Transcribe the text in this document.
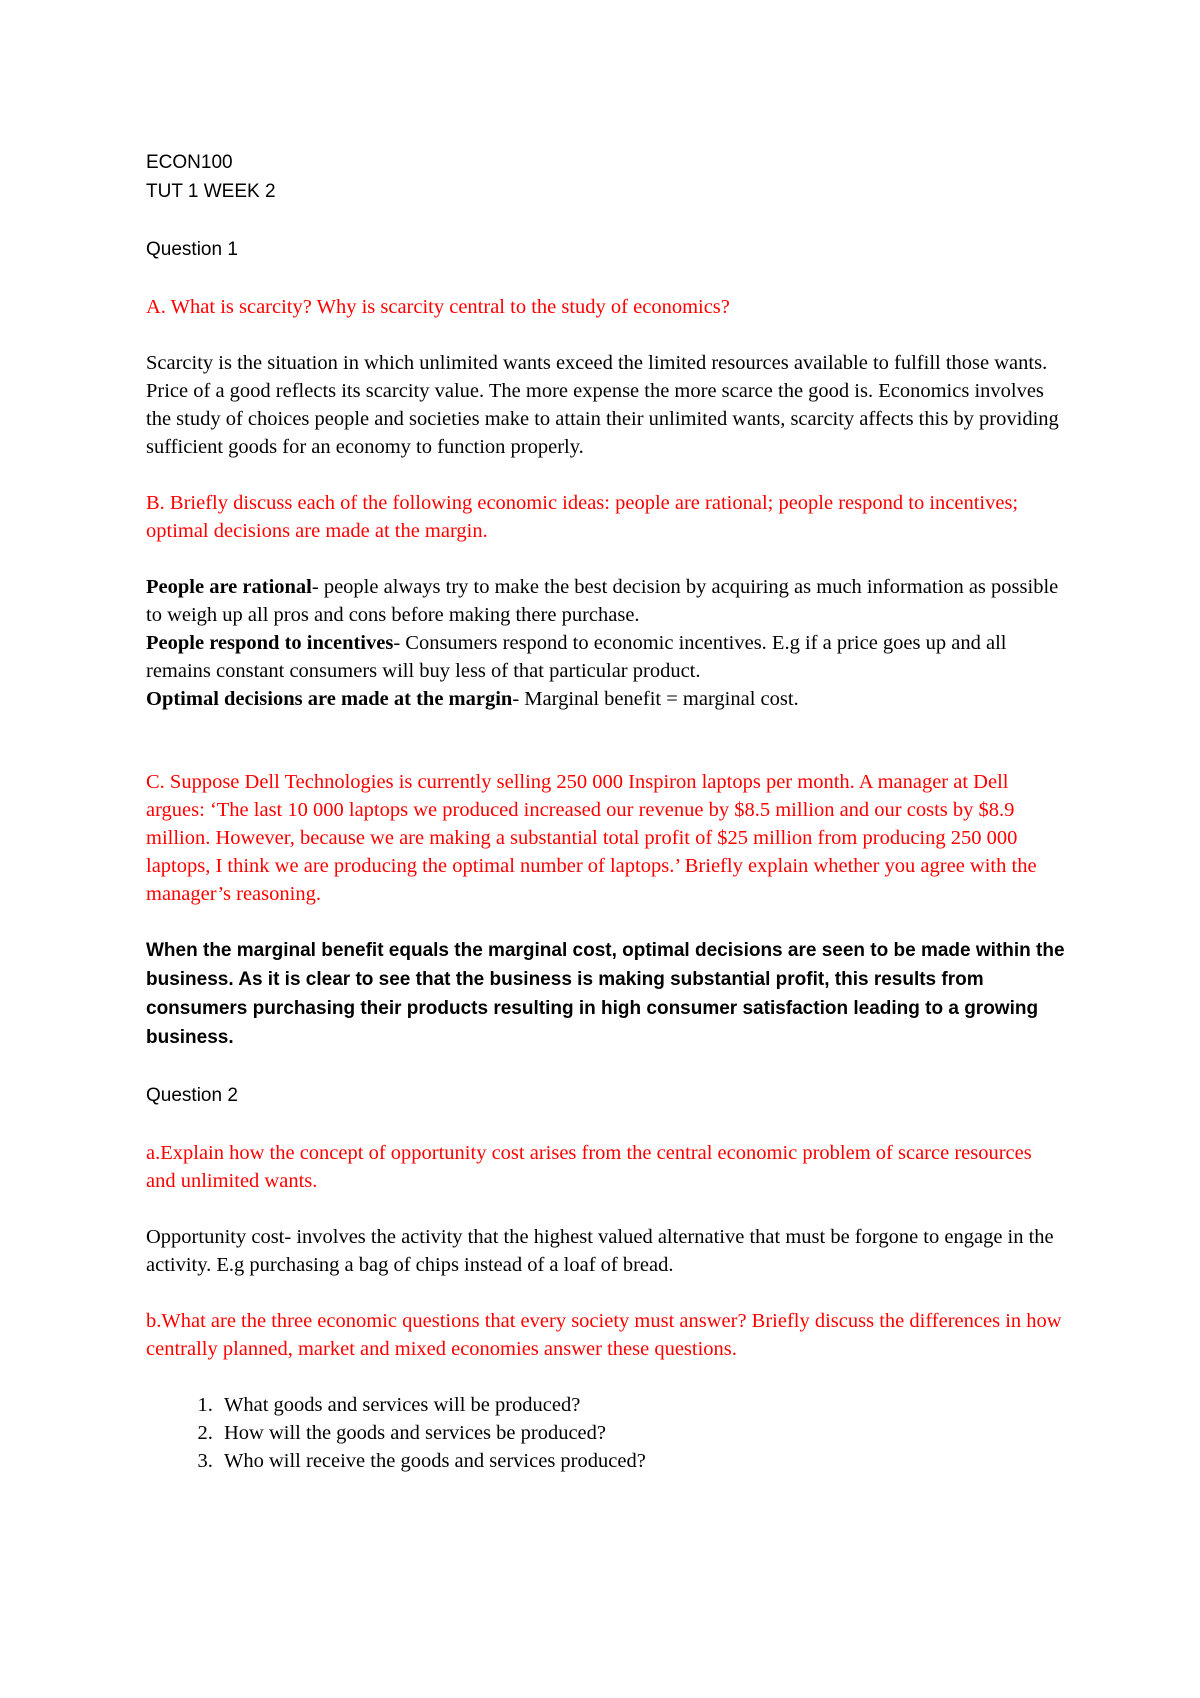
ECON100

TUT 1 WEEK 2

Question 1

A. What is scarcity? Why is scarcity central to the study of economics?

Scarcity is the situation in which unlimited wants exceed the limited resources available to fulfill those wants. Price of a good reflects its scarcity value. The more expense the more scarce the good is. Economics involves the study of choices people and societies make to attain their unlimited wants, scarcity affects this by providing sufficient goods for an economy to function properly.

B. Briefly discuss each of the following economic ideas: people are rational; people respond to incentives; optimal decisions are made at the margin.

People are rational- people always try to make the best decision by acquiring as much information as possible to weigh up all pros and cons before making there purchase.

People respond to incentives- Consumers respond to economic incentives. E.g if a price goes up and all remains constant consumers will buy less of that particular product.

Optimal decisions are made at the margin- Marginal benefit = marginal cost.

C. Suppose Dell Technologies is currently selling 250 000 Inspiron laptops per month. A manager at Dell argues: ‘The last 10 000 laptops we produced increased our revenue by $8.5 million and our costs by $8.9 million. However, because we are making a substantial total profit of $25 million from producing 250 000 laptops, I think we are producing the optimal number of laptops.’ Briefly explain whether you agree with the manager’s reasoning.

When the marginal benefit equals the marginal cost, optimal decisions are seen to be made within the business. As it is clear to see that the business is making substantial profit, this results from consumers purchasing their products resulting in high consumer satisfaction leading to a growing business.

Question 2

a.Explain how the concept of opportunity cost arises from the central economic problem of scarce resources and unlimited wants.

Opportunity cost- involves the activity that the highest valued alternative that must be forgone to engage in the activity. E.g purchasing a bag of chips instead of a loaf of bread.

b.What are the three economic questions that every society must answer? Briefly discuss the differences in how centrally planned, market and mixed economies answer these questions.

1. What goods and services will be produced?
2. How will the goods and services be produced?
3. Who will receive the goods and services produced?
